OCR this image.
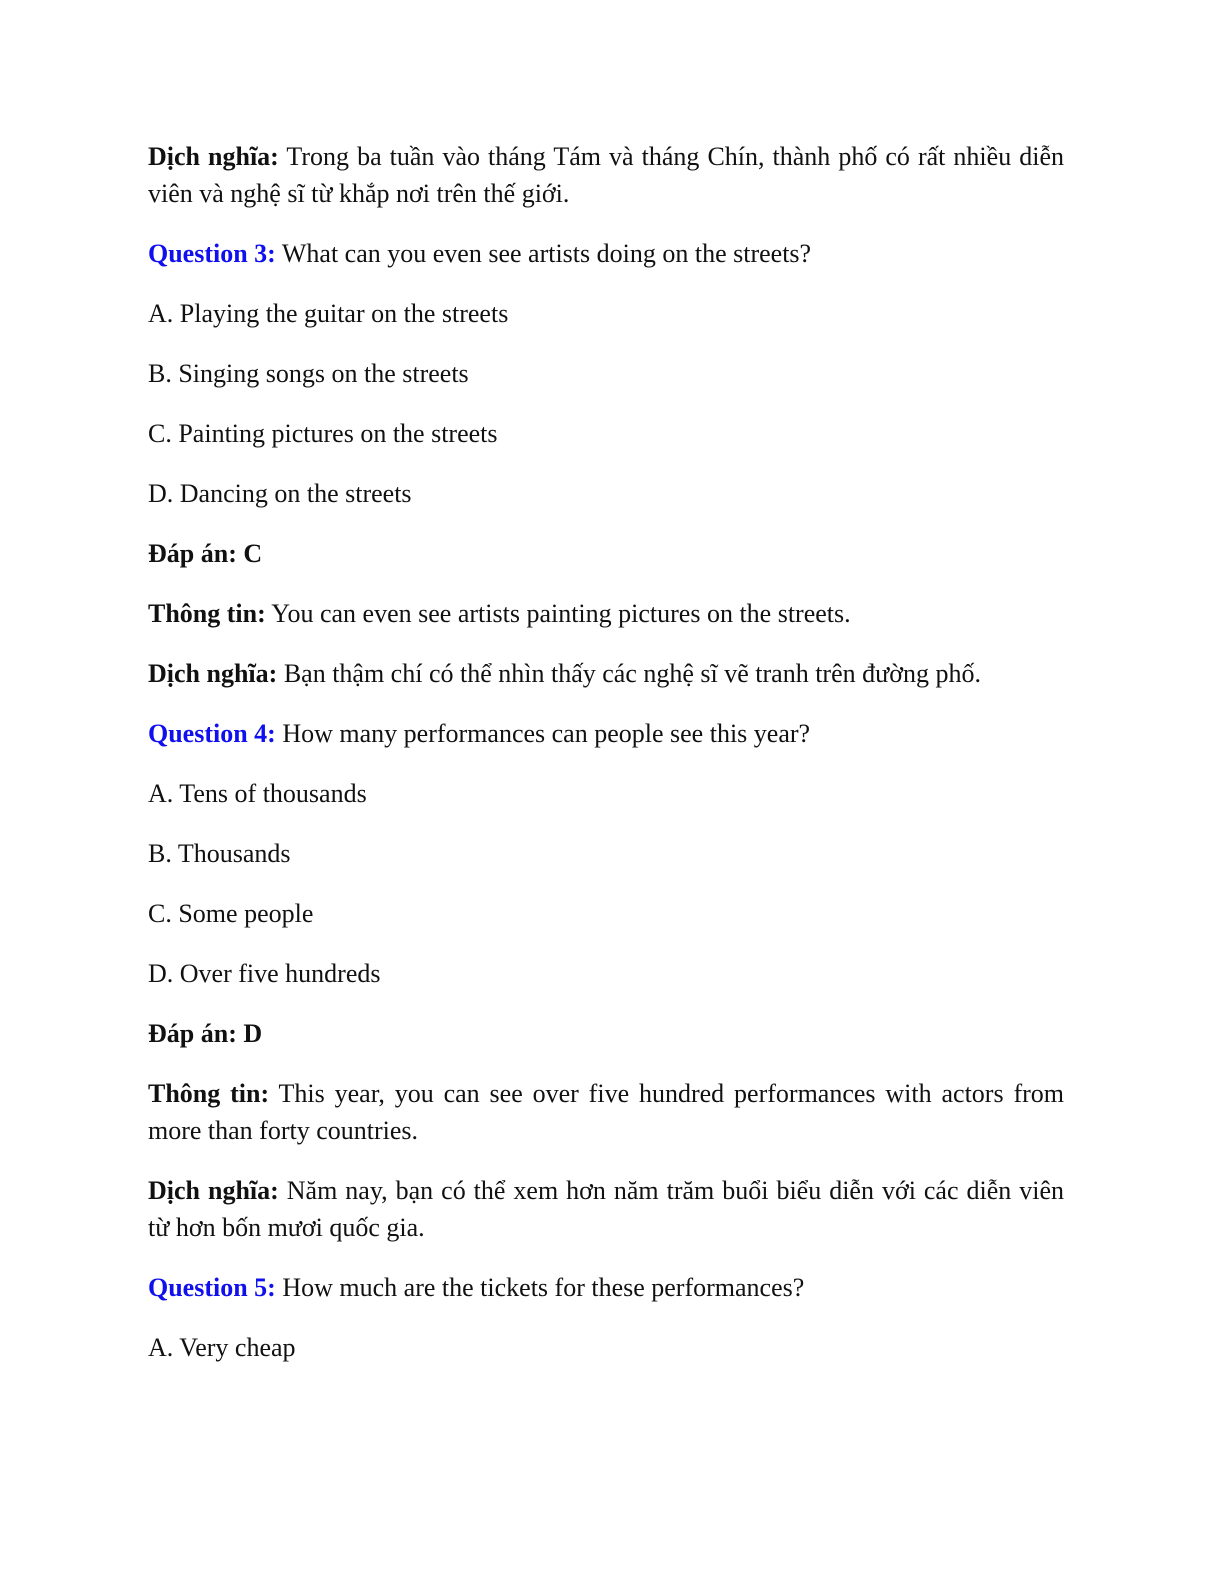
Dịch nghĩa: Trong ba tuần vào tháng Tám và tháng Chín, thành phố có rất nhiều diễn viên và nghệ sĩ từ khắp nơi trên thế giới.

Question 3: What can you even see artists doing on the streets?

A. Playing the guitar on the streets

B. Singing songs on the streets

C. Painting pictures on the streets

D. Dancing on the streets

Đáp án: C

Thông tin: You can even see artists painting pictures on the streets.

Dịch nghĩa: Bạn thậm chí có thể nhìn thấy các nghệ sĩ vẽ tranh trên đường phố.

Question 4: How many performances can people see this year?

A. Tens of thousands

B. Thousands

C. Some people

D. Over five hundreds

Đáp án: D

Thông tin: This year, you can see over five hundred performances with actors from more than forty countries.

Dịch nghĩa: Năm nay, bạn có thể xem hơn năm trăm buổi biểu diễn với các diễn viên từ hơn bốn mươi quốc gia.

Question 5: How much are the tickets for these performances?

A. Very cheap
